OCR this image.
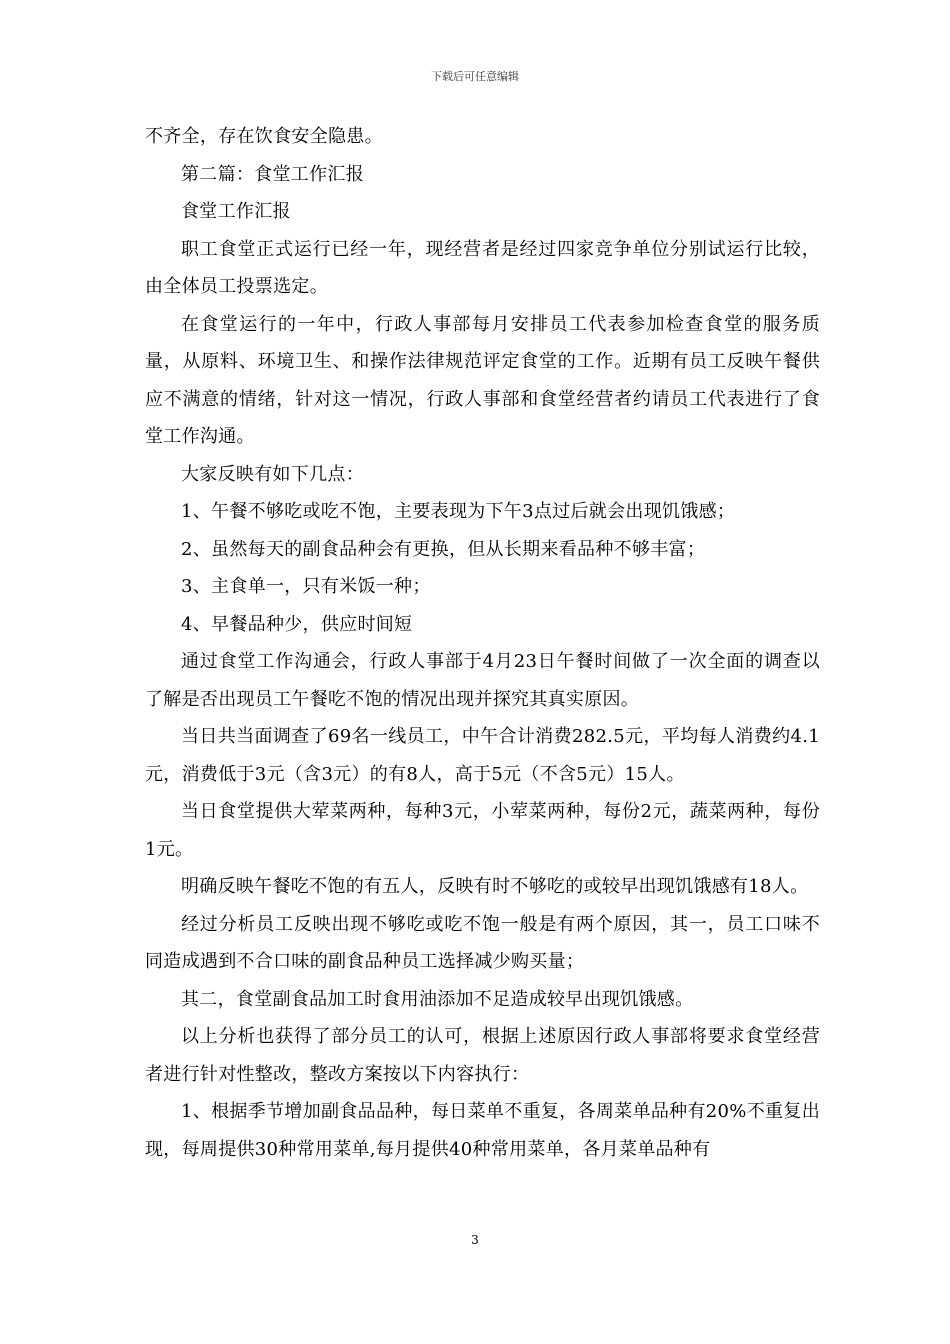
下载后可任意编辑

不齐全，存在饮食安全隐患。

第二篇：食堂工作汇报

食堂工作汇报

职工食堂正式运行已经一年，现经营者是经过四家竞争单位分别试运行比较，由全体员工投票选定。

在食堂运行的一年中，行政人事部每月安排员工代表参加检查食堂的服务质量，从原料、环境卫生、和操作法律规范评定食堂的工作。近期有员工反映午餐供应不满意的情绪，针对这一情况，行政人事部和食堂经营者约请员工代表进行了食堂工作沟通。

大家反映有如下几点：

1、午餐不够吃或吃不饱，主要表现为下午3点过后就会出现饥饿感；

2、虽然每天的副食品种会有更换，但从长期来看品种不够丰富；

3、主食单一，只有米饭一种；

4、早餐品种少，供应时间短

通过食堂工作沟通会，行政人事部于4月23日午餐时间做了一次全面的调查以了解是否出现员工午餐吃不饱的情况出现并探究其真实原因。

当日共当面调查了69名一线员工，中午合计消费282.5元，平均每人消费约4.1元，消费低于3元（含3元）的有8人，高于5元（不含5元）15人。

当日食堂提供大荤菜两种，每种3元，小荤菜两种，每份2元，蔬菜两种，每份1元。

明确反映午餐吃不饱的有五人，反映有时不够吃的或较早出现饥饿感有18人。

经过分析员工反映出现不够吃或吃不饱一般是有两个原因，其一，员工口味不同造成遇到不合口味的副食品种员工选择减少购买量；

其二，食堂副食品加工时食用油添加不足造成较早出现饥饿感。

以上分析也获得了部分员工的认可，根据上述原因行政人事部将要求食堂经营者进行针对性整改，整改方案按以下内容执行：

1、根据季节增加副食品品种，每日菜单不重复，各周菜单品种有20%不重复出现，每周提供30种常用菜单,每月提供40种常用菜单，各月菜单品种有

3
